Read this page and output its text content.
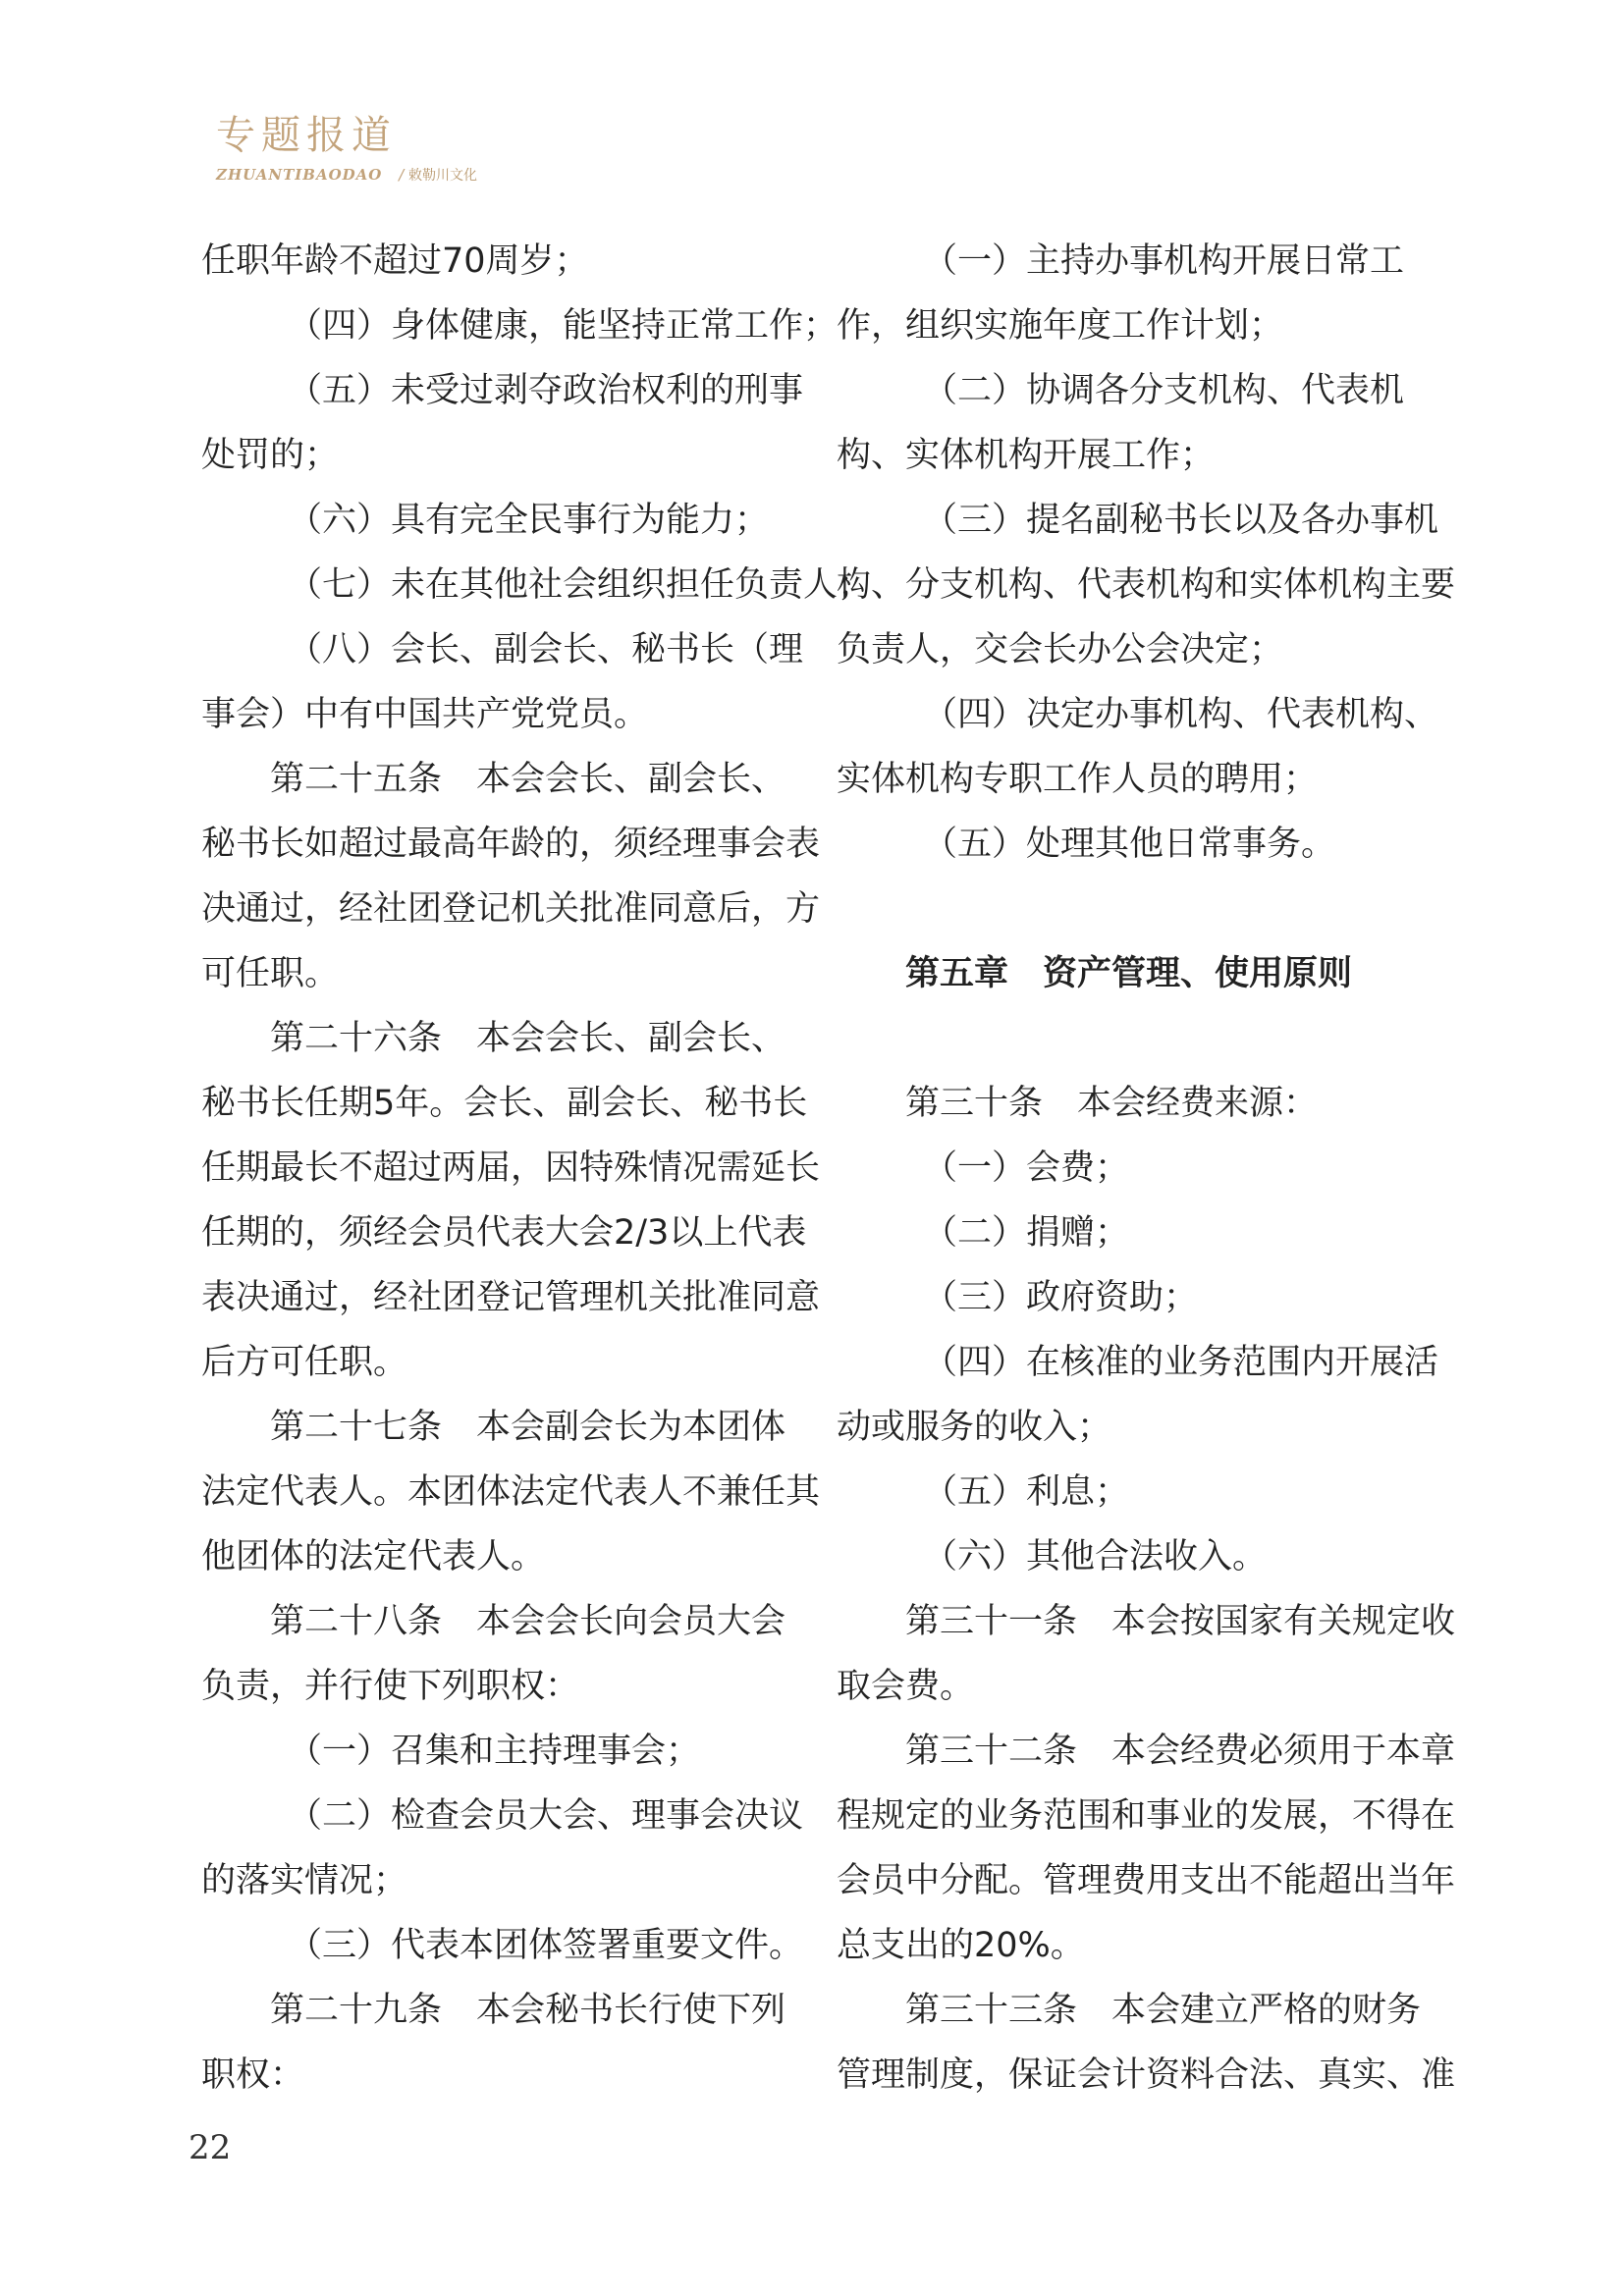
专题报道
ZHUANTIBAODAO / 敕勒川文化
任职年龄不超过70周岁；
（四）身体健康，能坚持正常工作；
（五）未受过剥夺政治权利的刑事
处罚的；
（六）具有完全民事行为能力；
（七）未在其他社会组织担任负责人；
（八）会长、副会长、秘书长（理
事会）中有中国共产党党员。
第二十五条　本会会长、副会长、
秘书长如超过最高年龄的，须经理事会表
决通过，经社团登记机关批准同意后，方
可任职。
第二十六条　本会会长、副会长、
秘书长任期5年。会长、副会长、秘书长
任期最长不超过两届，因特殊情况需延长
任期的，须经会员代表大会2/3以上代表
表决通过，经社团登记管理机关批准同意
后方可任职。
第二十七条　本会副会长为本团体
法定代表人。本团体法定代表人不兼任其
他团体的法定代表人。
第二十八条　本会会长向会员大会
负责，并行使下列职权：
（一）召集和主持理事会；
（二）检查会员大会、理事会决议
的落实情况；
（三）代表本团体签署重要文件。
第二十九条　本会秘书长行使下列
职权：
（一）主持办事机构开展日常工
作，组织实施年度工作计划；
（二）协调各分支机构、代表机
构、实体机构开展工作；
（三）提名副秘书长以及各办事机
构、分支机构、代表机构和实体机构主要
负责人，交会长办公会决定；
（四）决定办事机构、代表机构、
实体机构专职工作人员的聘用；
（五）处理其他日常事务。
第五章　资产管理、使用原则
第三十条　本会经费来源：
（一）会费；
（二）捐赠；
（三）政府资助；
（四）在核准的业务范围内开展活
动或服务的收入；
（五）利息；
（六）其他合法收入。
第三十一条　本会按国家有关规定收
取会费。
第三十二条　本会经费必须用于本章
程规定的业务范围和事业的发展，不得在
会员中分配。管理费用支出不能超出当年
总支出的20%。
第三十三条　本会建立严格的财务
管理制度，保证会计资料合法、真实、准
22
